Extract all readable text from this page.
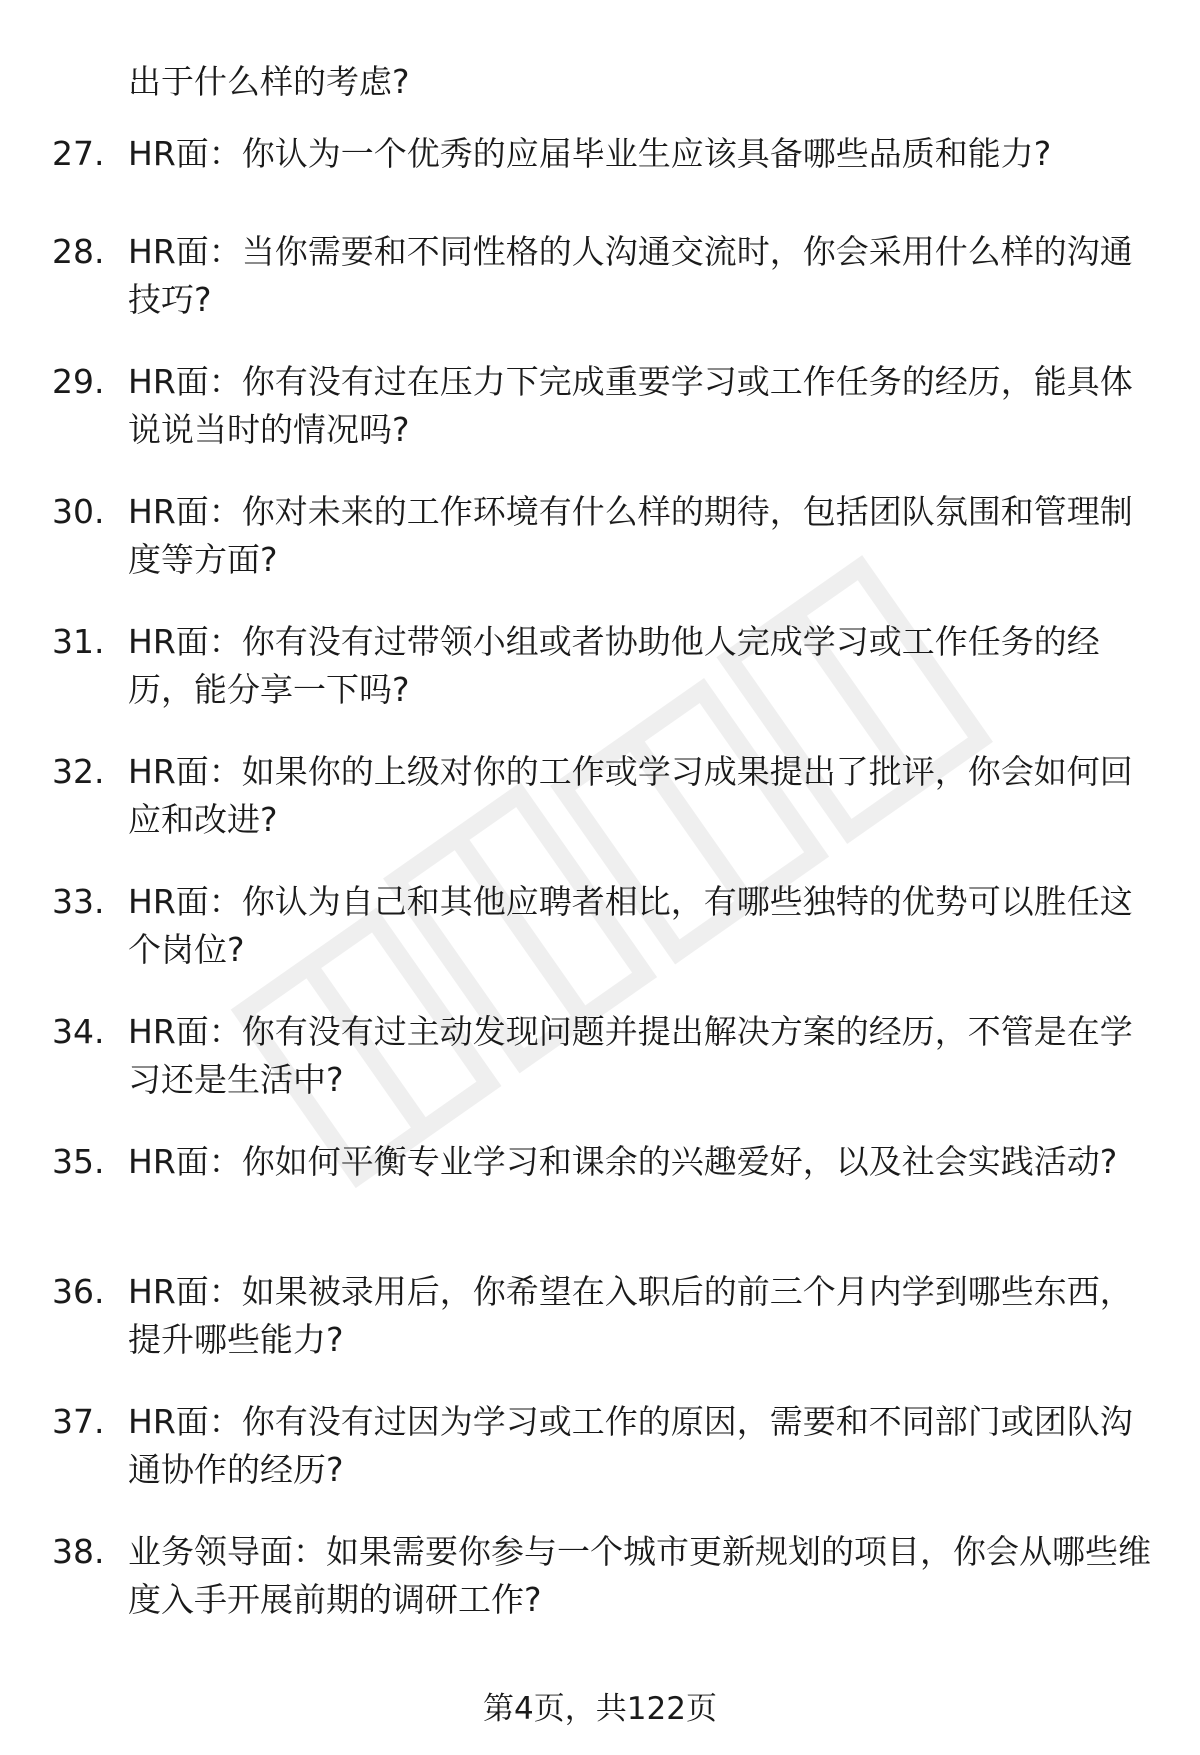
出于什么样的考虑?
27. HR面：你认为一个优秀的应届毕业生应该具备哪些品质和能力?
28. HR面：当你需要和不同性格的人沟通交流时，你会采用什么样的沟通技巧?
29. HR面：你有没有过在压力下完成重要学习或工作任务的经历，能具体说说当时的情况吗?
30. HR面：你对未来的工作环境有什么样的期待，包括团队氛围和管理制度等方面?
31. HR面：你有没有过带领小组或者协助他人完成学习或工作任务的经历，能分享一下吗?
32. HR面：如果你的上级对你的工作或学习成果提出了批评，你会如何回应和改进?
33. HR面：你认为自己和其他应聘者相比，有哪些独特的优势可以胜任这个岗位?
34. HR面：你有没有过主动发现问题并提出解决方案的经历，不管是在学习还是生活中?
35. HR面：你如何平衡专业学习和课余的兴趣爱好，以及社会实践活动?
36. HR面：如果被录用后，你希望在入职后的前三个月内学到哪些东西，提升哪些能力?
37. HR面：你有没有过因为学习或工作的原因，需要和不同部门或团队沟通协作的经历?
38. 业务领导面：如果需要你参与一个城市更新规划的项目，你会从哪些维度入手开展前期的调研工作?
第4页，共122页
